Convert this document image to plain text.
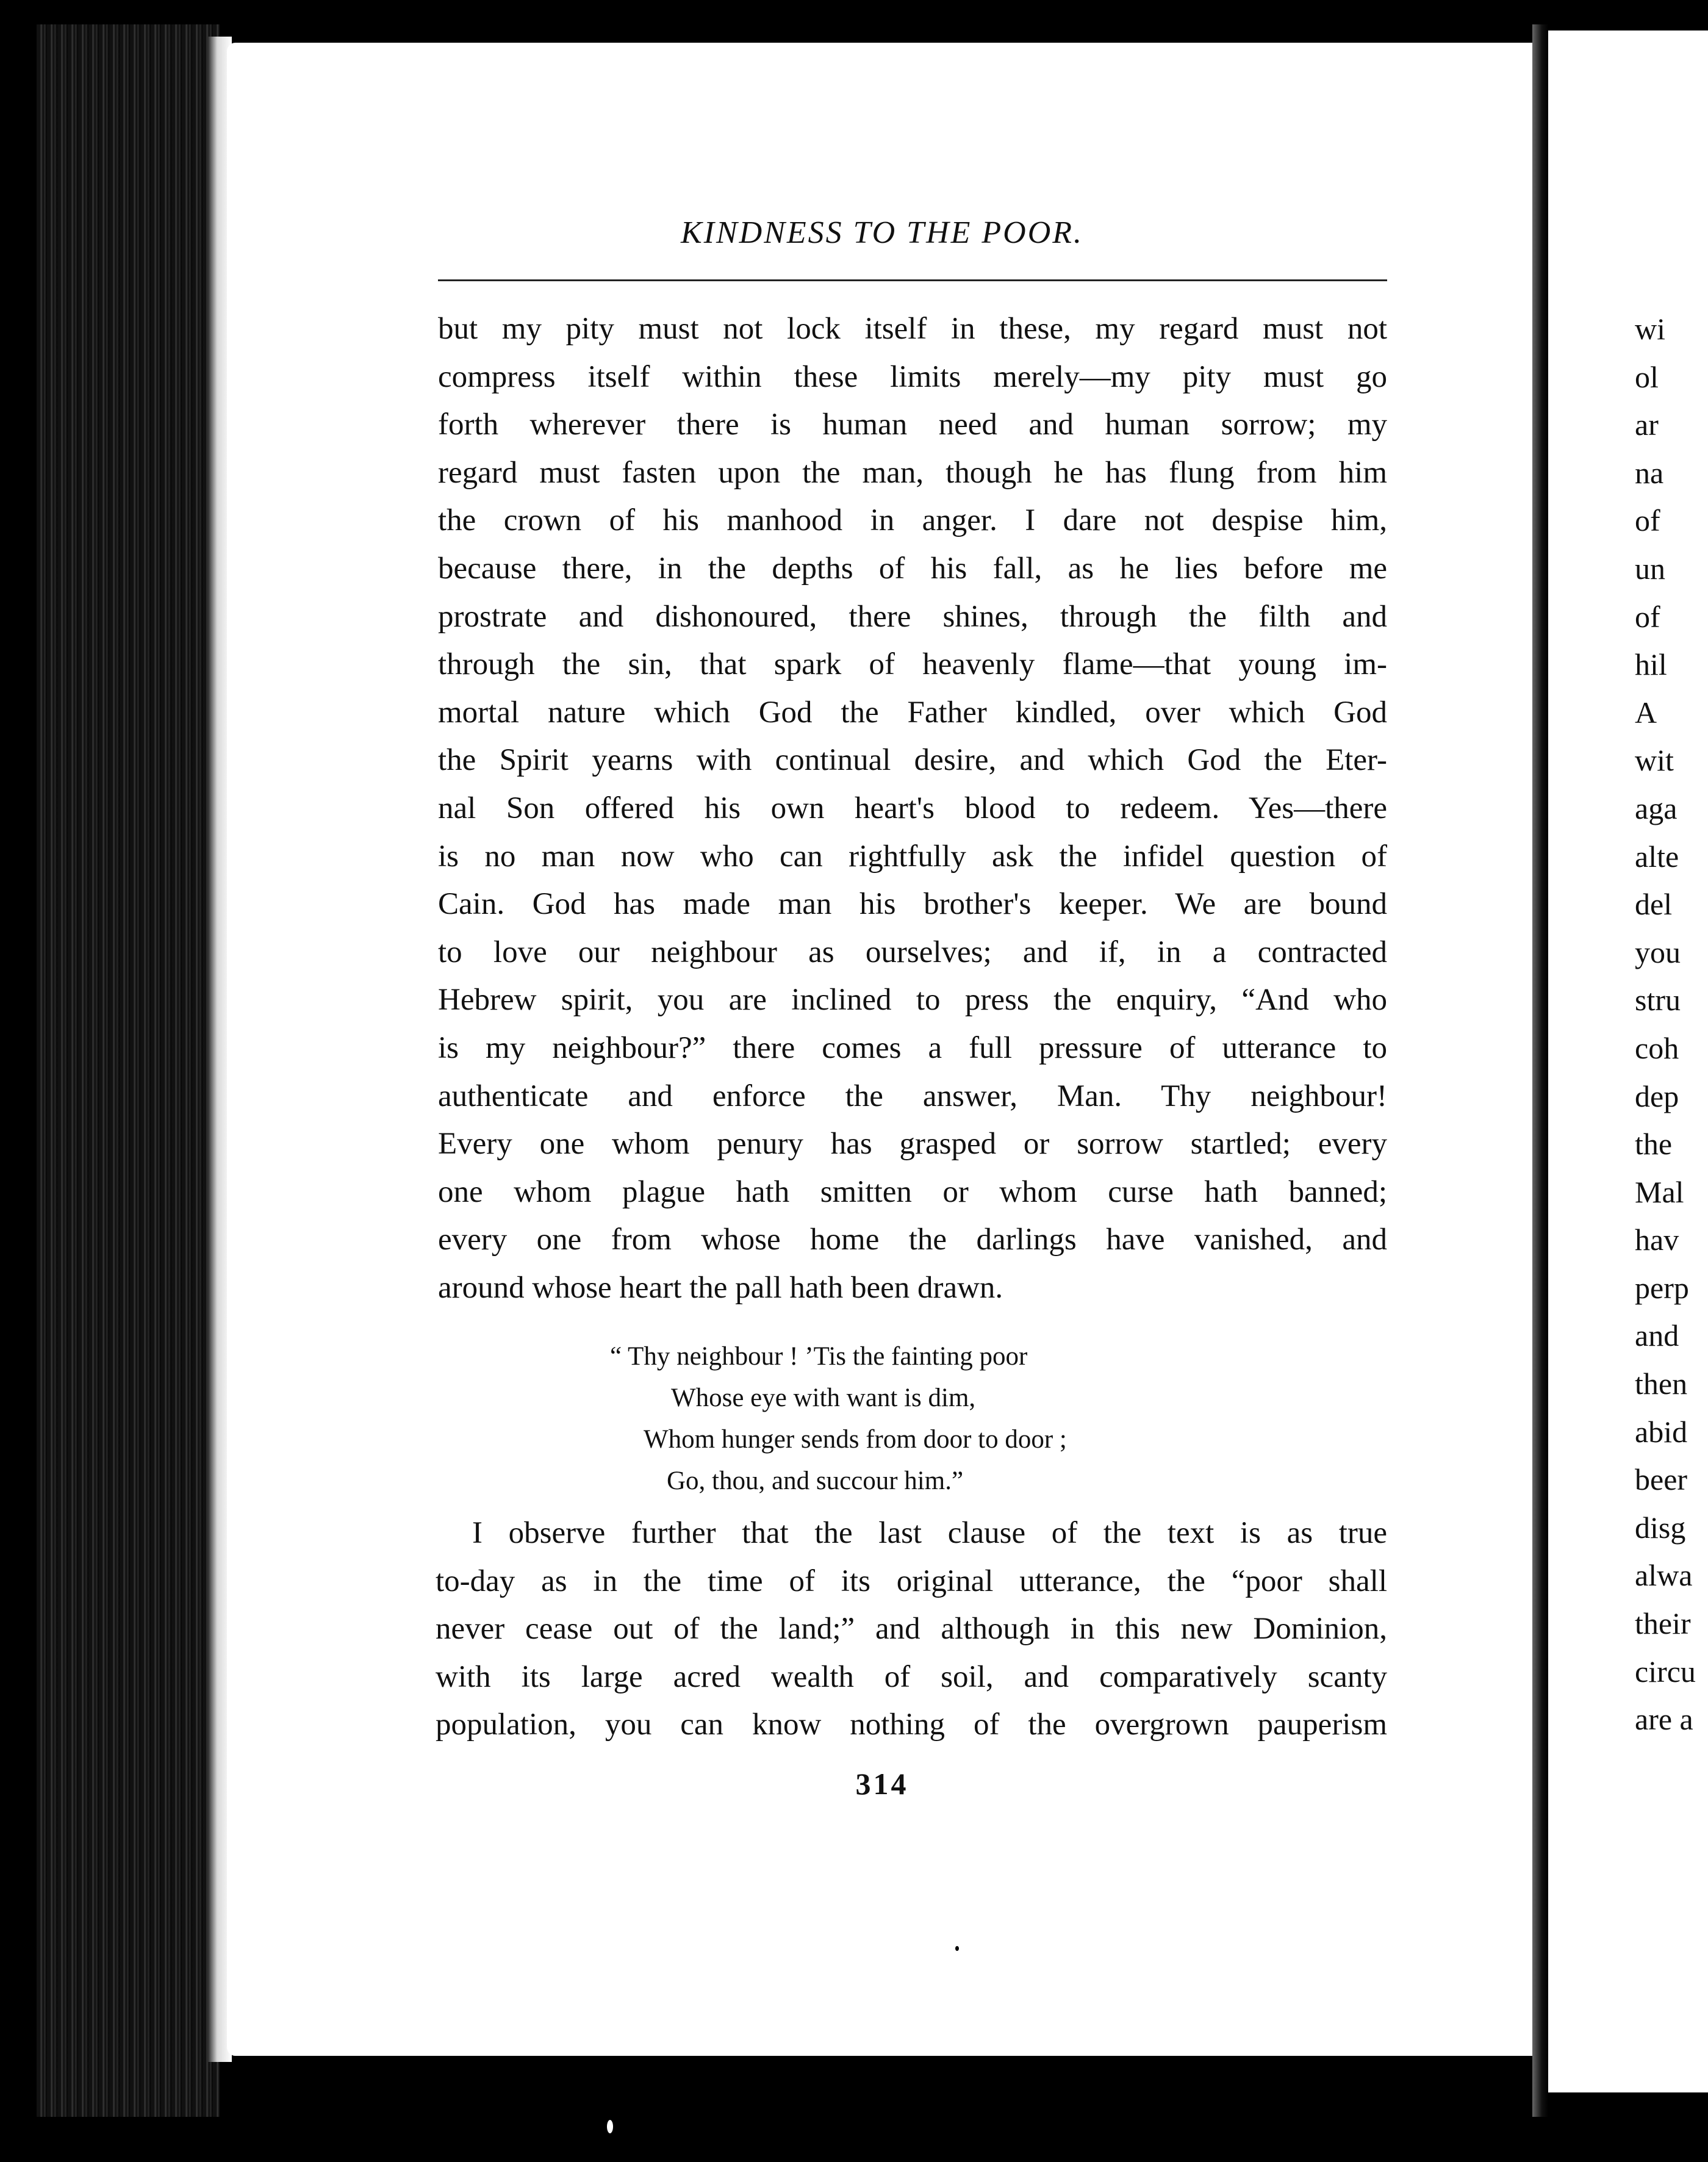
KINDNESS TO THE POOR.
but my pity must not lock itself in these, my regard must not
compress itself within these limits merely—my pity must go
forth wherever there is human need and human sorrow; my
regard must fasten upon the man, though he has flung from him
the crown of his manhood in anger. I dare not despise him,
because there, in the depths of his fall, as he lies before me
prostrate and dishonoured, there shines, through the filth and
through the sin, that spark of heavenly flame—that young im-
mortal nature which God the Father kindled, over which God
the Spirit yearns with continual desire, and which God the Eter-
nal Son offered his own heart's blood to redeem. Yes—there
is no man now who can rightfully ask the infidel question of
Cain. God has made man his brother's keeper. We are bound
to love our neighbour as ourselves; and if, in a contracted
Hebrew spirit, you are inclined to press the enquiry, “And who
is my neighbour?” there comes a full pressure of utterance to
authenticate and enforce the answer, Man. Thy neighbour!
Every one whom penury has grasped or sorrow startled; every
one whom plague hath smitten or whom curse hath banned;
every one from whose home the darlings have vanished, and
around whose heart the pall hath been drawn.
“ Thy neighbour ! ’Tis the fainting poor
Whose eye with want is dim,
Whom hunger sends from door to door ;
Go, thou, and succour him.”
I observe further that the last clause of the text is as true
to-day as in the time of its original utterance, the “poor shall
never cease out of the land;” and although in this new Dominion,
with its large acred wealth of soil, and comparatively scanty
population, you can know nothing of the overgrown pauperism
314
wi
ol
ar
na
of
un
of
hil
A
wit
aga
alte
del
you
stru
coh
dep
the
Mal
hav
perp
and
then
abid
beer
disg
alwa
their
circu
are a
